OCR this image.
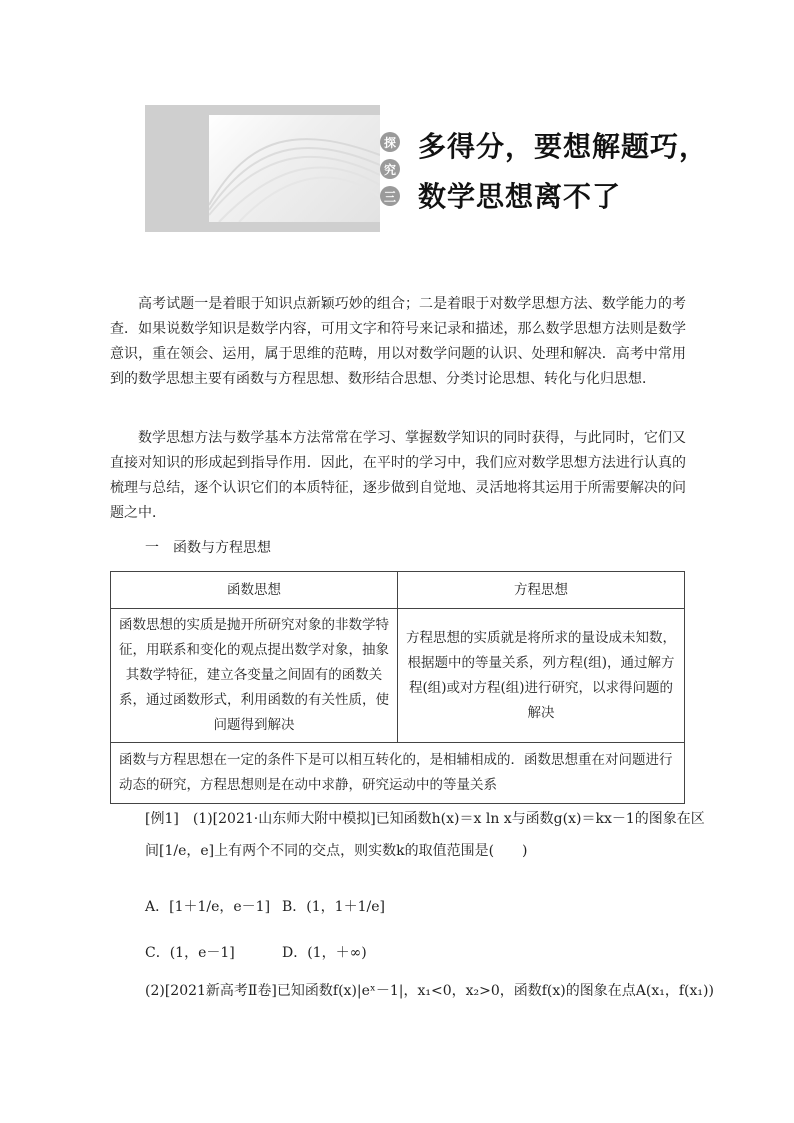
探
究
三
多得分，要想解题巧，
数学思想离不了
高考试题一是着眼于知识点新颖巧妙的组合；二是着眼于对数学思想方法、数学能力的考查．如果说数学知识是数学内容，可用文字和符号来记录和描述，那么数学思想方法则是数学意识，重在领会、运用，属于思维的范畴，用以对数学问题的认识、处理和解决．高考中常用到的数学思想主要有函数与方程思想、数形结合思想、分类讨论思想、转化与化归思想．
数学思想方法与数学基本方法常常在学习、掌握数学知识的同时获得，与此同时，它们又直接对知识的形成起到指导作用．因此，在平时的学习中，我们应对数学思想方法进行认真的梳理与总结，逐个认识它们的本质特征，逐步做到自觉地、灵活地将其运用于所需要解决的问题之中．
一　函数与方程思想
函数思想	方程思想
函数思想的实质是抛开所研究对象的非数学特征，用联系和变化的观点提出数学对象，抽象其数学特征，建立各变量之间固有的函数关系，通过函数形式，利用函数的有关性质，使问题得到解决	方程思想的实质就是将所求的量设成未知数，根据题中的等量关系，列方程(组)，通过解方程(组)或对方程(组)进行研究，以求得问题的解决
函数与方程思想在一定的条件下是可以相互转化的，是相辅相成的．函数思想重在对问题进行动态的研究，方程思想则是在动中求静，研究运动中的等量关系	
[例1]　(1)[2021·山东师大附中模拟]已知函数h(x)＝x ln x与函数g(x)＝kx－1的图象在区
间[1/e，e]上有两个不同的交点，则实数k的取值范围是(　　)
A．[1＋1/e，e－1] B．(1，1＋1/e]
C．(1，e－1]	D．(1，＋∞)
(2)[2021新高考Ⅱ卷]已知函数f(x)|eˣ－1|，x₁<0，x₂>0，函数f(x)的图象在点A(x₁，f(x₁))
